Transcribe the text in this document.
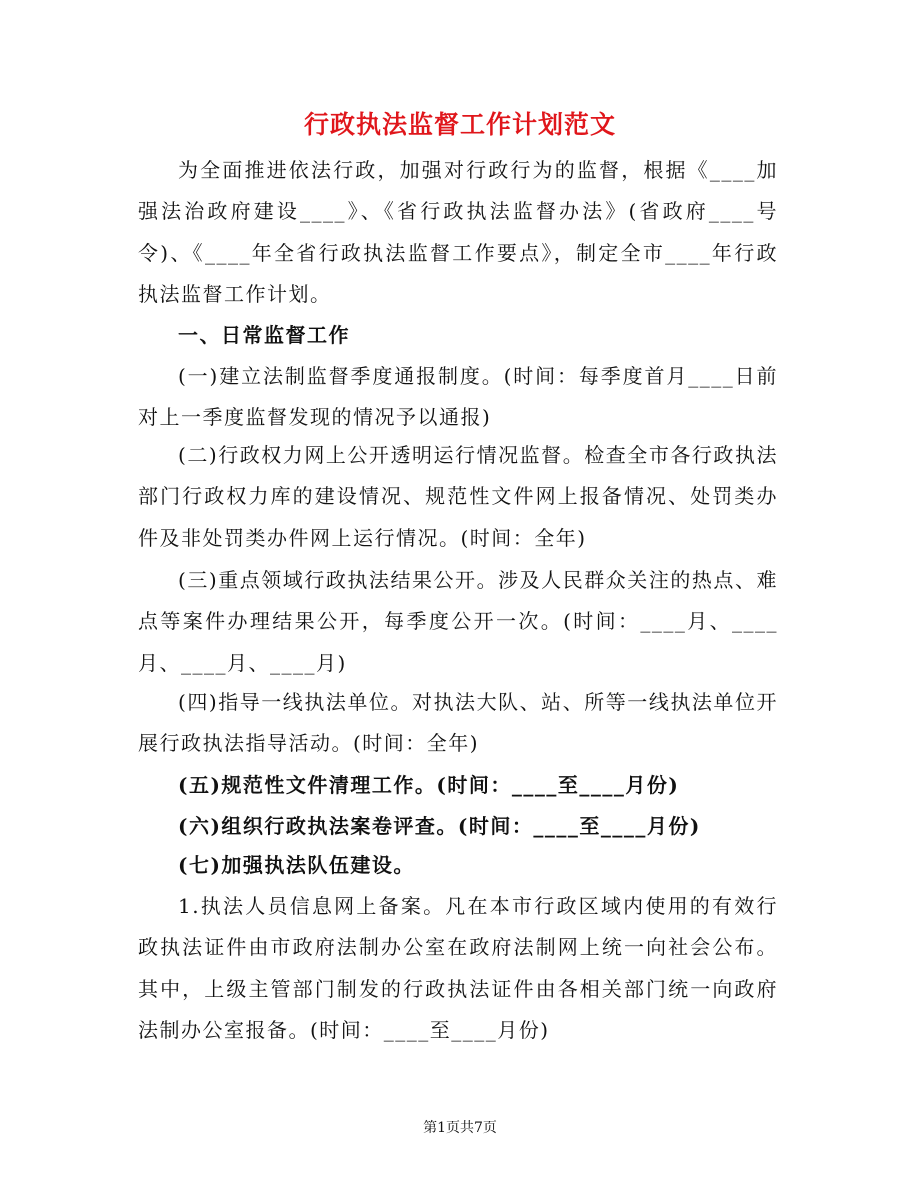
行政执法监督工作计划范文
为全面推进依法行政，加强对行政行为的监督，根据《____加强法治政府建设____》、《省行政执法监督办法》(省政府____号令)、《____年全省行政执法监督工作要点》，制定全市____年行政执法监督工作计划。
一、日常监督工作
(一)建立法制监督季度通报制度。(时间：每季度首月____日前对上一季度监督发现的情况予以通报)
(二)行政权力网上公开透明运行情况监督。检查全市各行政执法部门行政权力库的建设情况、规范性文件网上报备情况、处罚类办件及非处罚类办件网上运行情况。(时间：全年)
(三)重点领域行政执法结果公开。涉及人民群众关注的热点、难点等案件办理结果公开，每季度公开一次。(时间：____月、____月、____月、____月)
(四)指导一线执法单位。对执法大队、站、所等一线执法单位开展行政执法指导活动。(时间：全年)
(五)规范性文件清理工作。(时间：____至____月份)
(六)组织行政执法案卷评查。(时间：____至____月份)
(七)加强执法队伍建设。
1.执法人员信息网上备案。凡在本市行政区域内使用的有效行政执法证件由市政府法制办公室在政府法制网上统一向社会公布。其中，上级主管部门制发的行政执法证件由各相关部门统一向政府法制办公室报备。(时间：____至____月份)
第1页共7页
